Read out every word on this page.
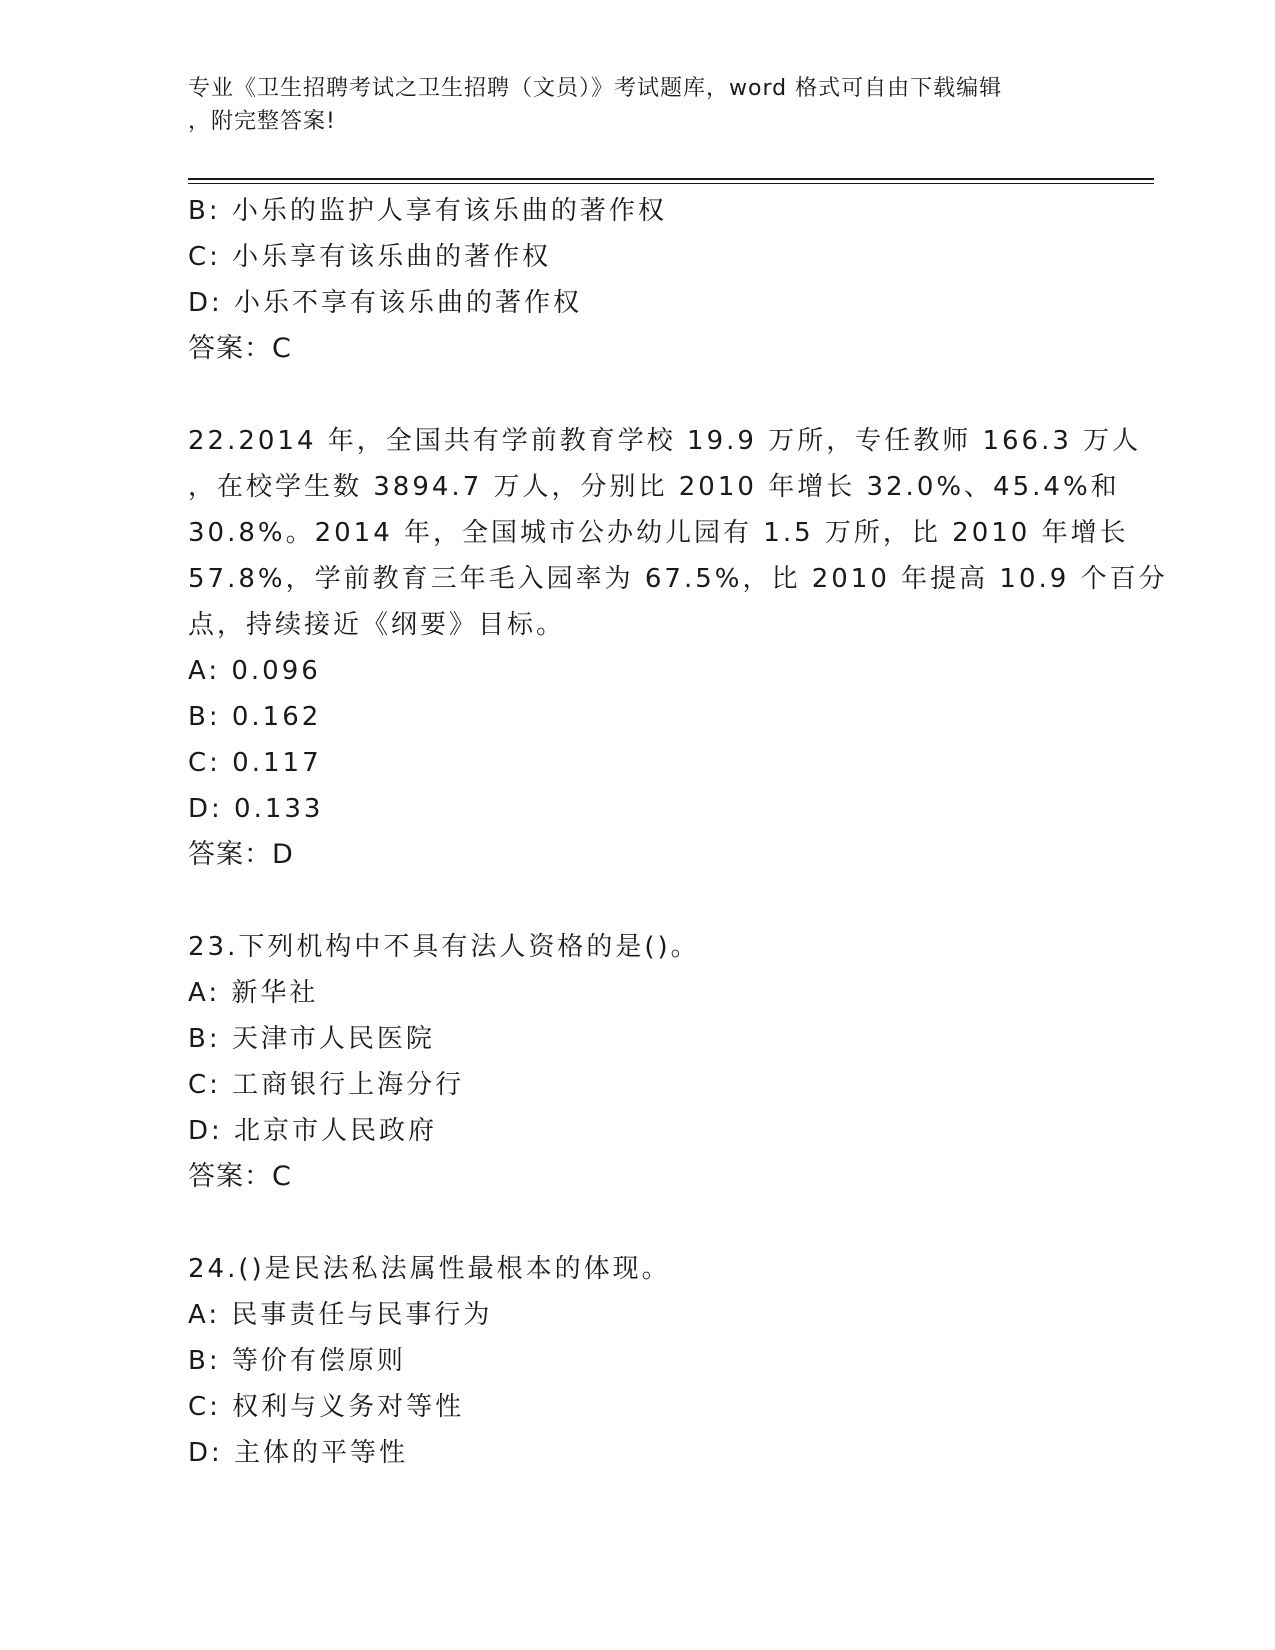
专业《卫生招聘考试之卫生招聘（文员）》考试题库，word 格式可自由下载编辑
，附完整答案!
B: 小乐的监护人享有该乐曲的著作权
C: 小乐享有该乐曲的著作权
D: 小乐不享有该乐曲的著作权
答案：C
22.2014 年，全国共有学前教育学校 19.9 万所，专任教师 166.3 万人
，在校学生数 3894.7 万人，分别比 2010 年增长 32.0%、45.4%和
30.8%。2014 年，全国城市公办幼儿园有 1.5 万所，比 2010 年增长
57.8%，学前教育三年毛入园率为 67.5%，比 2010 年提高 10.9 个百分
点，持续接近《纲要》目标。
A: 0.096
B: 0.162
C: 0.117
D: 0.133
答案：D
23.下列机构中不具有法人资格的是()。
A: 新华社
B: 天津市人民医院
C: 工商银行上海分行
D: 北京市人民政府
答案：C
24.()是民法私法属性最根本的体现。
A: 民事责任与民事行为
B: 等价有偿原则
C: 权利与义务对等性
D: 主体的平等性
